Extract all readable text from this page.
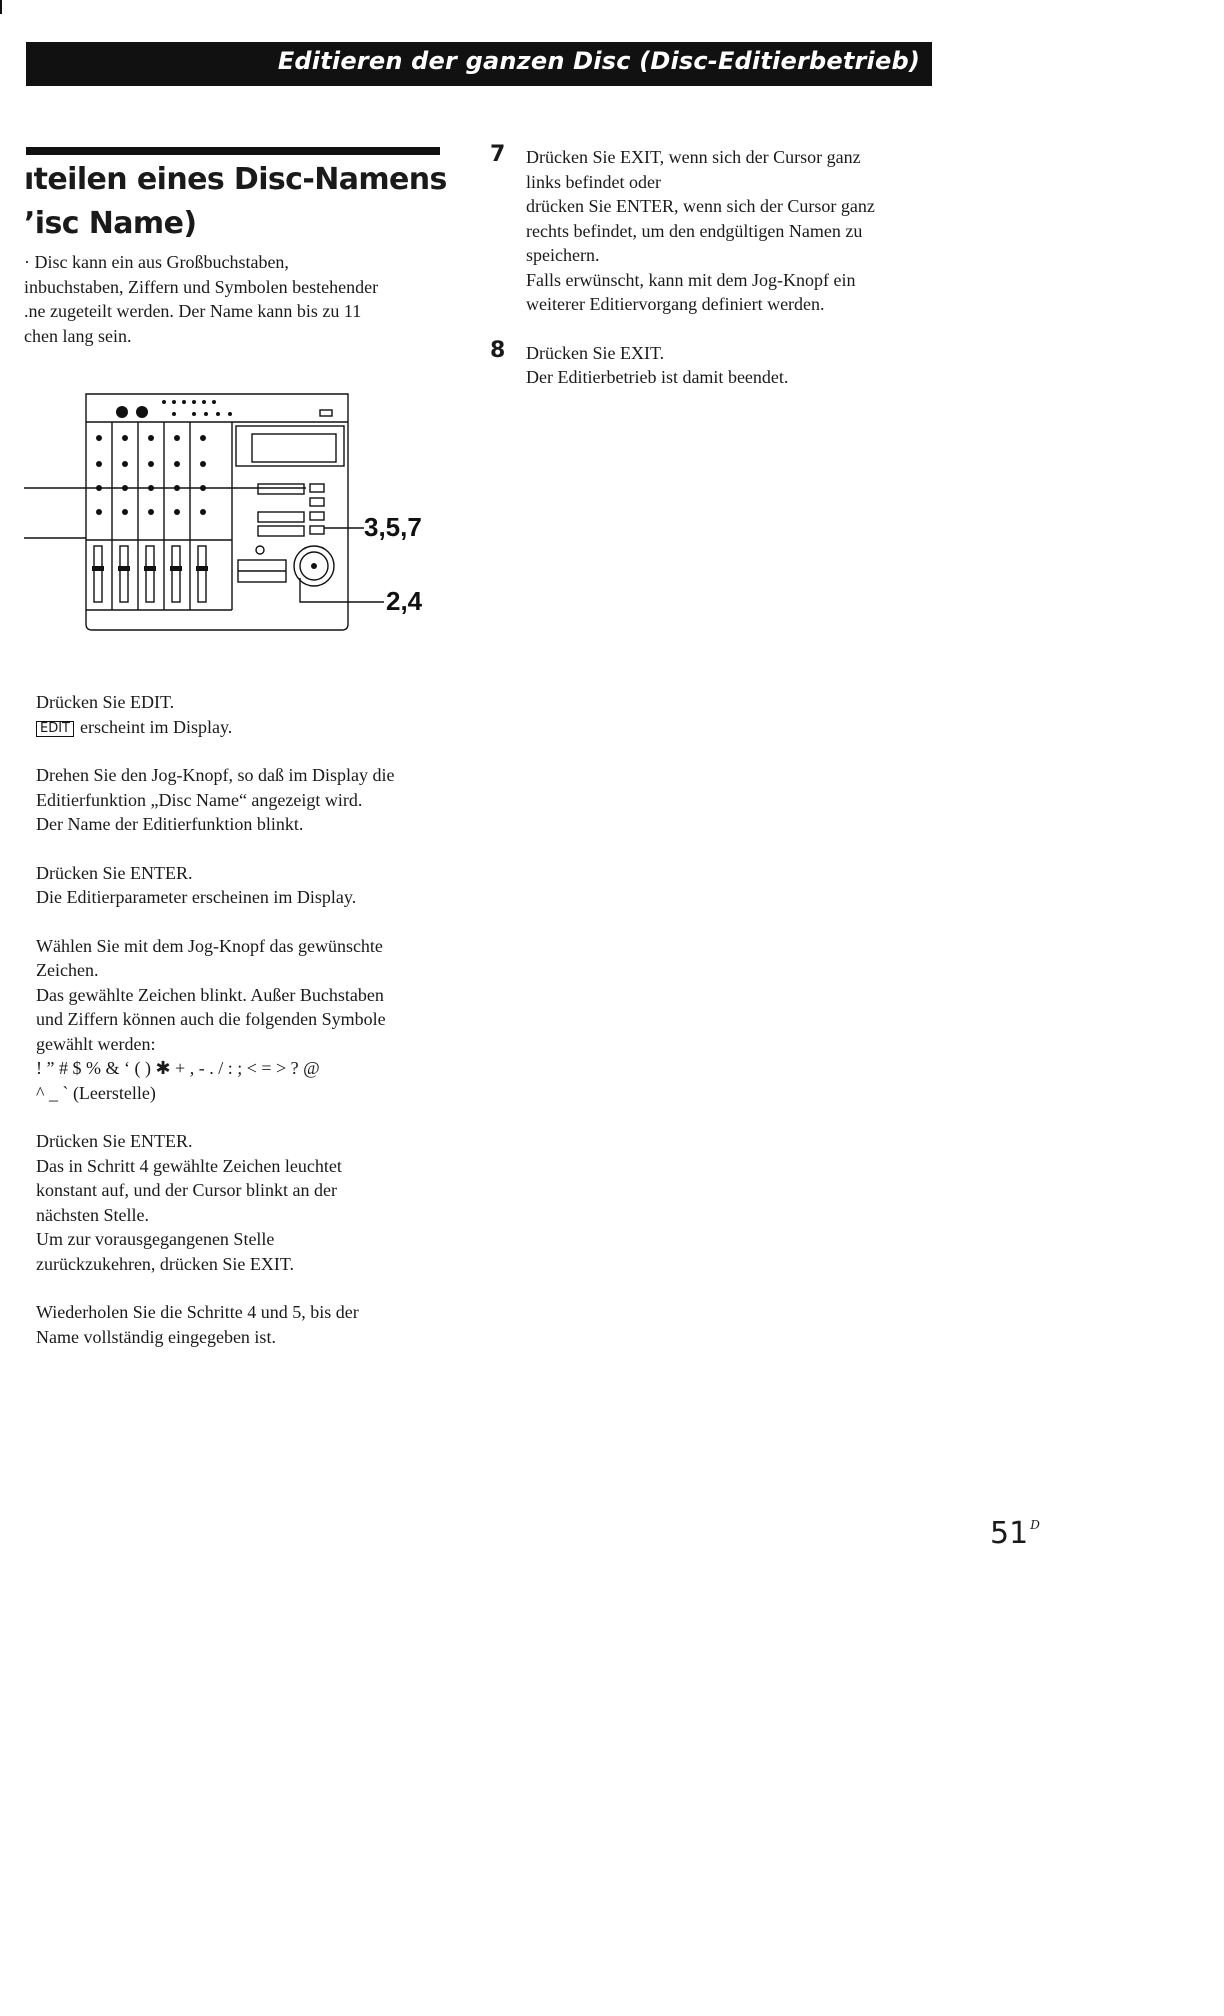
Editieren der ganzen Disc (Disc-Editierbetrieb)
ıteilen eines Disc-Namens
ʼisc Name)
· Disc kann ein aus Großbuchstaben,
inbuchstaben, Ziffern und Symbolen bestehender
.ne zugeteilt werden. Der Name kann bis zu 11
chen lang sein.
3,5,7
2,4
Drücken Sie EDIT.
EDIT erscheint im Display.
Drehen Sie den Jog-Knopf, so daß im Display die
Editierfunktion „Disc Name“ angezeigt wird.
Der Name der Editierfunktion blinkt.
Drücken Sie ENTER.
Die Editierparameter erscheinen im Display.
Wählen Sie mit dem Jog-Knopf das gewünschte
Zeichen.
Das gewählte Zeichen blinkt. Außer Buchstaben
und Ziffern können auch die folgenden Symbole
gewählt werden:
! ” # $ % & ‘ ( ) ✱ + , - . / : ; < = > ? @
^ _ ` (Leerstelle)
Drücken Sie ENTER.
Das in Schritt 4 gewählte Zeichen leuchtet
konstant auf, und der Cursor blinkt an der
nächsten Stelle.
Um zur vorausgegangenen Stelle
zurückzukehren, drücken Sie EXIT.
Wiederholen Sie die Schritte 4 und 5, bis der
Name vollständig eingegeben ist.
7 Drücken Sie EXIT, wenn sich der Cursor ganz
links befindet oder
drücken Sie ENTER, wenn sich der Cursor ganz
rechts befindet, um den endgültigen Namen zu
speichern.
Falls erwünscht, kann mit dem Jog-Knopf ein
weiterer Editiervorgang definiert werden.
8 Drücken Sie EXIT.
Der Editierbetrieb ist damit beendet.
51 $^D$
